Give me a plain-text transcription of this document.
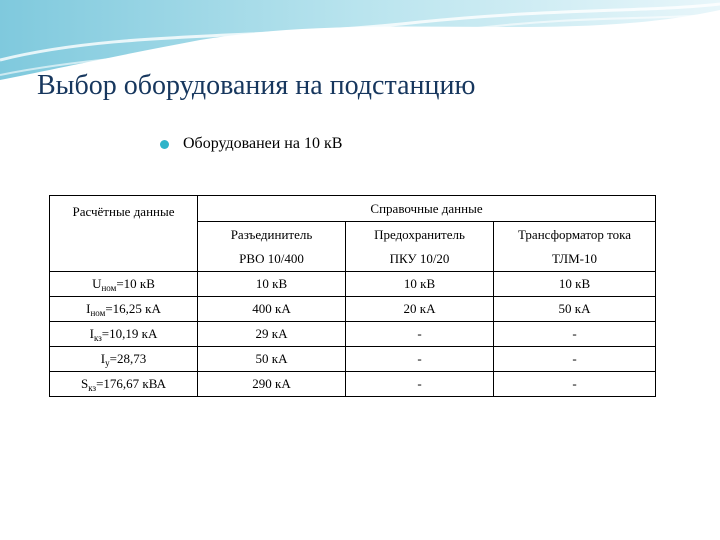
Выбор оборудования на подстанцию
Оборудованеи на 10 кВ
Расчётные данные	Справочные данные		
	Разъединитель	Предохранитель	Трансформатор тока
	РВО 10/400	ПКУ 10/20	ТЛМ-10
$U_{ном}=10$ кВ	10 кВ	10 кВ	10 кВ
$I_{ном}=16,25$ кА	400 кА	20 кА	50 кА
$I_{кз}=10,19$ кА	29 кА	-	-
$I_у=28,73$	50 кА	-	-
$S_{кз}=176,67$ кВА	290 кА	-	-
